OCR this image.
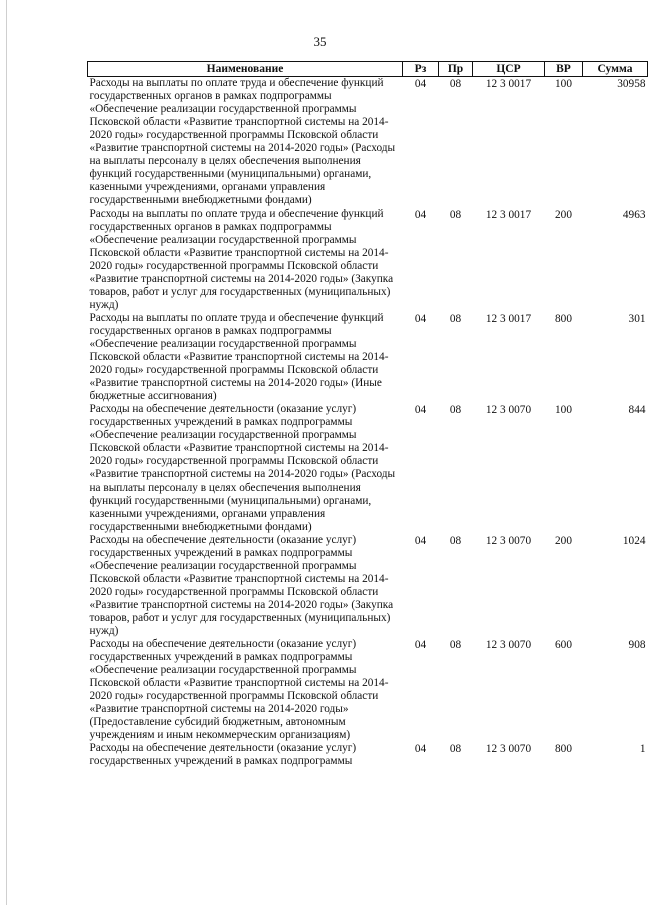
35
Наименование	Рз	Пр	ЦСР	ВР	Сумма
Расходы на выплаты по оплате труда и обеспечение функций государственных органов в рамках подпрограммы «Обеспечение реализации государственной программы Псковской области «Развитие транспортной системы на 2014-2020 годы» государственной программы Псковской области «Развитие транспортной системы на 2014-2020 годы» (Расходы на выплаты персоналу в целях обеспечения выполнения функций государственными (муниципальными) органами, казенными учреждениями, органами управления государственными внебюджетными фондами)	04	08	12 3 0017	100	30958
Расходы на выплаты по оплате труда и обеспечение функций государственных органов в рамках подпрограммы «Обеспечение реализации государственной программы Псковской области «Развитие транспортной системы на 2014-2020 годы» государственной программы Псковской области «Развитие транспортной системы на 2014-2020 годы» (Закупка товаров, работ и услуг для государственных (муниципальных) нужд)	04	08	12 3 0017	200	4963
Расходы на выплаты по оплате труда и обеспечение функций государственных органов в рамках подпрограммы «Обеспечение реализации государственной программы Псковской области «Развитие транспортной системы на 2014-2020 годы» государственной программы Псковской области «Развитие транспортной системы на 2014-2020 годы» (Иные бюджетные ассигнования)	04	08	12 3 0017	800	301
Расходы на обеспечение деятельности (оказание услуг) государственных учреждений в рамках подпрограммы «Обеспечение реализации государственной программы Псковской области «Развитие транспортной системы на 2014-2020 годы» государственной программы Псковской области «Развитие транспортной системы на 2014-2020 годы» (Расходы на выплаты персоналу в целях обеспечения выполнения функций государственными (муниципальными) органами, казенными учреждениями, органами управления государственными внебюджетными фондами)	04	08	12 3 0070	100	844
Расходы на обеспечение деятельности (оказание услуг) государственных учреждений в рамках подпрограммы «Обеспечение реализации государственной программы Псковской области «Развитие транспортной системы на 2014-2020 годы» государственной программы Псковской области «Развитие транспортной системы на 2014-2020 годы» (Закупка товаров, работ и услуг для государственных (муниципальных) нужд)	04	08	12 3 0070	200	1024
Расходы на обеспечение деятельности (оказание услуг) государственных учреждений в рамках подпрограммы «Обеспечение реализации государственной программы Псковской области «Развитие транспортной системы на 2014-2020 годы» государственной программы Псковской области «Развитие транспортной системы на 2014-2020 годы» (Предоставление субсидий бюджетным, автономным учреждениям и иным некоммерческим организациям)	04	08	12 3 0070	600	908
Расходы на обеспечение деятельности (оказание услуг) государственных учреждений в рамках подпрограммы	04	08	12 3 0070	800	1
